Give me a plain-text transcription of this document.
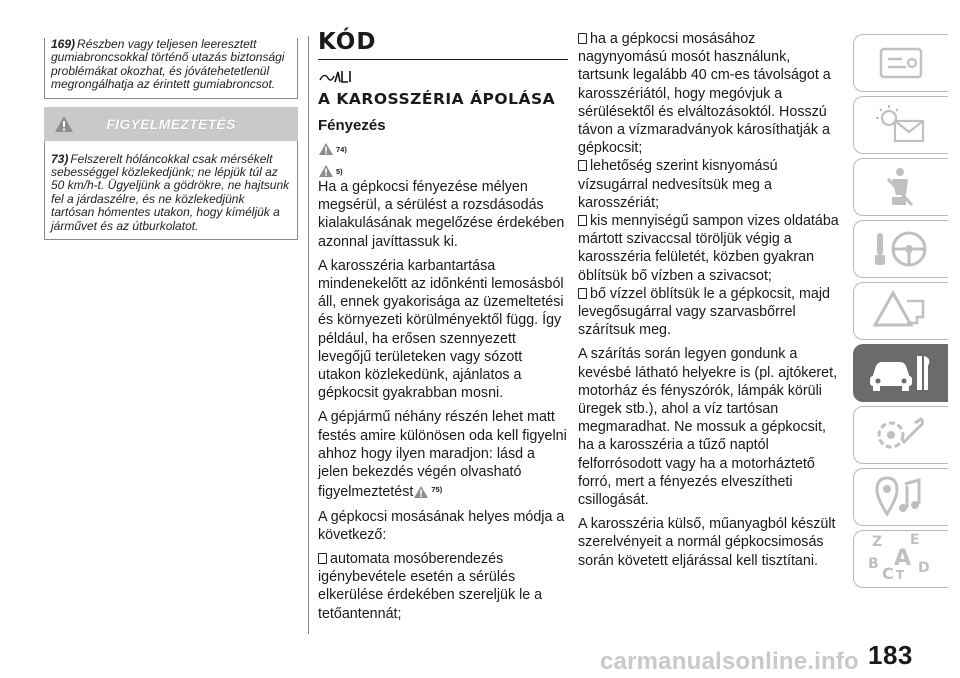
169) Részben vagy teljesen leeresztett gumiabroncsokkal történő utazás biztonsági problémákat okozhat, és jóvátehetetlenül megrongálhatja az érintett gumiabroncsot.
FIGYELMEZTETÉS
73) Felszerelt hóláncokkal csak mérsékelt sebességgel közlekedjünk; ne lépjük túl az 50 km/h-t. Ügyeljünk a gödrökre, ne hajtsunk fel a járdaszélre, és ne közlekedjünk tartósan hómentes utakon, hogy kíméljük a járművet és az útburkolatot.
KÓD
A KAROSSZÉRIA ÁPOLÁSA
Fényezés
74)
5)

Ha a gépkocsi fényezése mélyen megsérül, a sérülést a rozsdásodás kialakulásának megelőzése érdekében azonnal javíttassuk ki.

A karosszéria karbantartása mindenekelőtt az időnkénti lemosásból áll, ennek gyakorisága az üzemeltetési és környezeti körülményektől függ. Így például, ha erősen szennyezett levegőjű területeken vagy sózott utakon közlekedünk, ajánlatos a gépkocsit gyakrabban mosni.

A gépjármű néhány részén lehet matt festés amire különösen oda kell figyelni ahhoz hogy ilyen maradjon: lásd a jelen bekezdés végén olvasható figyelmeztetést 75)

A gépkocsi mosásának helyes módja a következő:

automata mosóberendezés igénybevétele esetén a sérülés elkerülése érdekében szereljük le a tetőantennát;

ha a gépkocsi mosásához nagynyomású mosót használunk, tartsunk legalább 40 cm-es távolságot a karosszériától, hogy megóvjuk a sérülésektől és elváltozásoktól. Hosszú távon a vízmaradványok károsíthatják a gépkocsit;

lehetőség szerint kisnyomású vízsugárral nedvesítsük meg a karosszériát;

kis mennyiségű sampon vizes oldatába mártott szivaccsal töröljük végig a karosszéria felületét, közben gyakran öblítsük bő vízben a szivacsot;

bő vízzel öblítsük le a gépkocsit, majd levegősugárral vagy szarvasbőrrel szárítsuk meg.

A szárítás során legyen gondunk a kevésbé látható helyekre is (pl. ajtókeret, motorház és fényszórók, lámpák körüli üregek stb.), ahol a víz tartósan megmaradhat. Ne mossuk a gépkocsit, ha a karosszéria a tűző naptól felforrósodott vagy ha a motorháztető forró, mert a fényezés elveszítheti csillogását.

A karosszéria külső, műanyagból készült szerelvényeit a normál gépkocsimosás során követett eljárással kell tisztítani.

Z E
A
B C T D
carmanualsonline.info 183
